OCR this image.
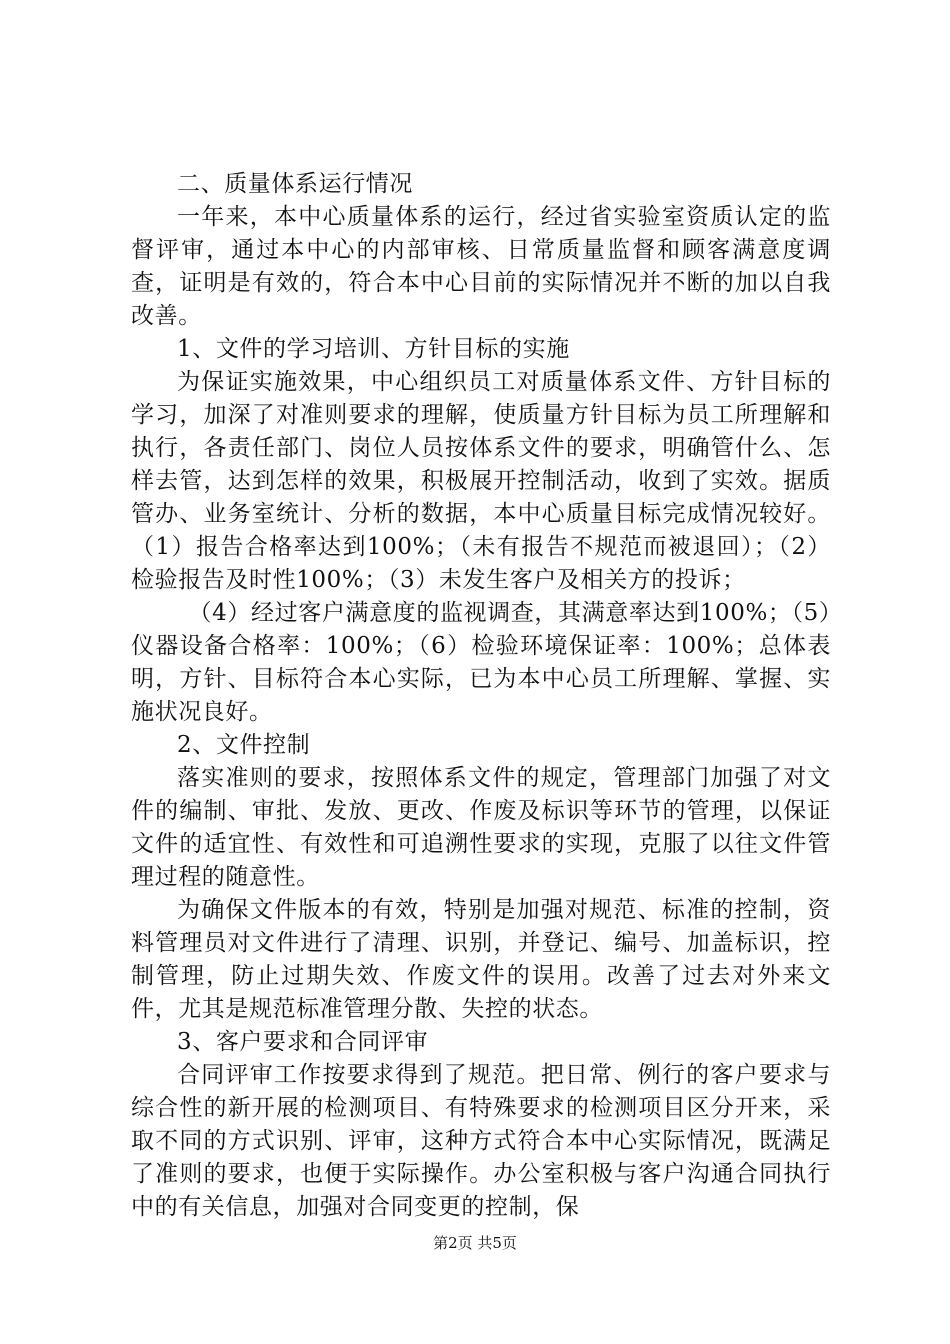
二、质量体系运行情况

一年来，本中心质量体系的运行，经过省实验室资质认定的监督评审，通过本中心的内部审核、日常质量监督和顾客满意度调查，证明是有效的，符合本中心目前的实际情况并不断的加以自我改善。

1、文件的学习培训、方针目标的实施

为保证实施效果，中心组织员工对质量体系文件、方针目标的学习，加深了对准则要求的理解，使质量方针目标为员工所理解和执行，各责任部门、岗位人员按体系文件的要求，明确管什么、怎样去管，达到怎样的效果，积极展开控制活动，收到了实效。据质管办、业务室统计、分析的数据，本中心质量目标完成情况较好。（1）报告合格率达到100%；（未有报告不规范而被退回）；（2）检验报告及时性100%；（3）未发生客户及相关方的投诉；

（4）经过客户满意度的监视调查，其满意率达到100%；（5）仪器设备合格率：100%；（6）检验环境保证率：100%；总体表明，方针、目标符合本心实际，已为本中心员工所理解、掌握、实施状况良好。

2、文件控制

落实准则的要求，按照体系文件的规定，管理部门加强了对文件的编制、审批、发放、更改、作废及标识等环节的管理，以保证文件的适宜性、有效性和可追溯性要求的实现，克服了以往文件管理过程的随意性。

为确保文件版本的有效，特别是加强对规范、标准的控制，资料管理员对文件进行了清理、识别，并登记、编号、加盖标识，控制管理，防止过期失效、作废文件的误用。改善了过去对外来文件，尤其是规范标准管理分散、失控的状态。

3、客户要求和合同评审

合同评审工作按要求得到了规范。把日常、例行的客户要求与综合性的新开展的检测项目、有特殊要求的检测项目区分开来，采取不同的方式识别、评审，这种方式符合本中心实际情况，既满足了准则的要求，也便于实际操作。办公室积极与客户沟通合同执行中的有关信息，加强对合同变更的控制，保

第2页 共5页
